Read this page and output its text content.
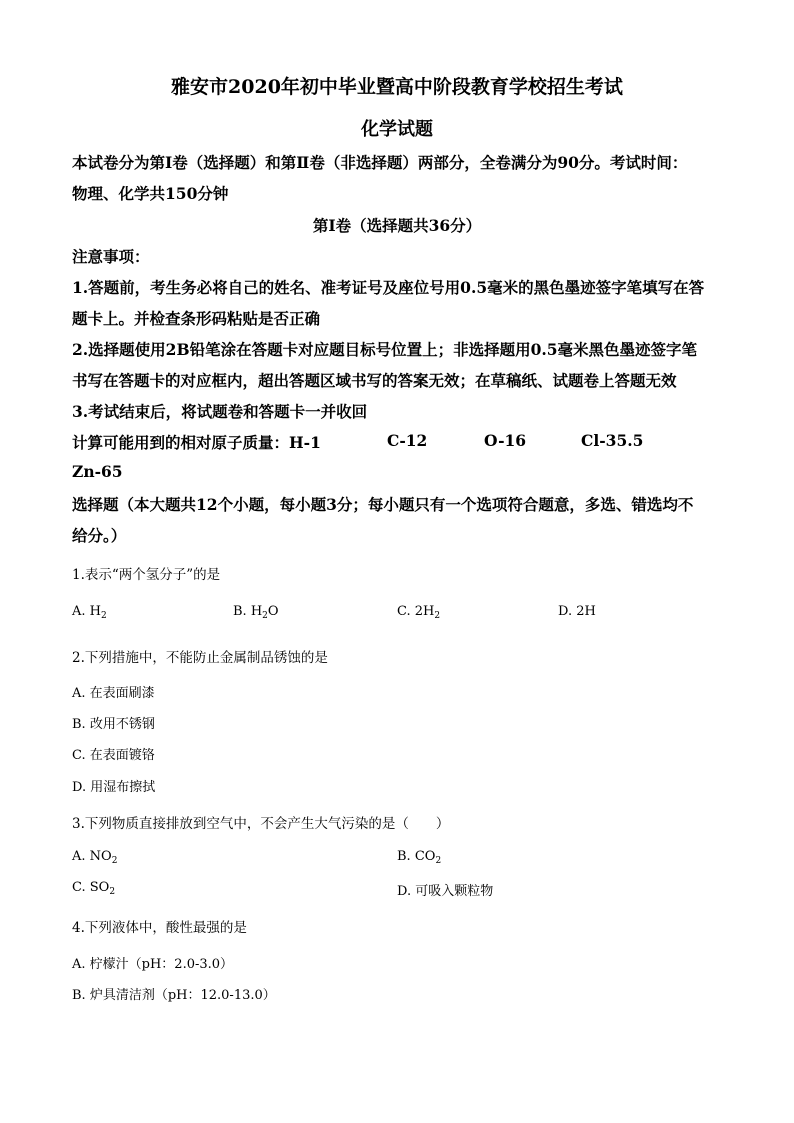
雅安市2020年初中毕业暨高中阶段教育学校招生考试
化学试题
本试卷分为第Ⅰ卷（选择题）和第Ⅱ卷（非选择题）两部分，全卷满分为90分。考试时间：
物理、化学共150分钟
第Ⅰ卷（选择题共36分）
注意事项：
1.答题前，考生务必将自己的姓名、准考证号及座位号用0.5毫米的黑色墨迹签字笔填写在答
题卡上。并检查条形码粘贴是否正确
2.选择题使用2B铅笔涂在答题卡对应题目标号位置上；非选择题用0.5毫米黑色墨迹签字笔
书写在答题卡的对应框内，超出答题区域书写的答案无效；在草稿纸、试题卷上答题无效
3.考试结束后，将试题卷和答题卡一并收回
计算可能用到的相对原子质量：H-1	C-12	O-16	Cl-35.5
Zn-65
选择题（本大题共12个小题，每小题3分；每小题只有一个选项符合题意，多选、错选均不
给分。）
1.表示“两个氢分子”的是
A. $H_2$	B. $H_2O$	C. $2H_2$	D. 2H
2.下列措施中，不能防止金属制品锈蚀的是
A. 在表面刷漆
B. 改用不锈钢
C. 在表面镀铬
D. 用湿布擦拭
3.下列物质直接排放到空气中，不会产生大气污染的是（　　）
A. $NO_2$	B. $CO_2$
C. $SO_2$	D. 可吸入颗粒物
4.下列液体中，酸性最强的是
A. 柠檬汁（pH：2.0-3.0）
B. 炉具清洁剂（pH：12.0-13.0）
